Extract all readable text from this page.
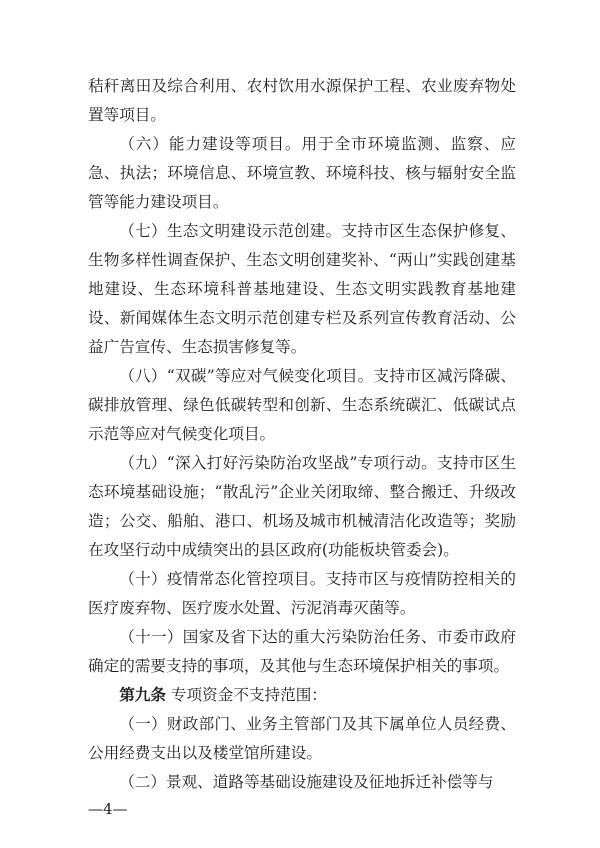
秸秆离田及综合利用、农村饮用水源保护工程、农业废弃物处置等项目。

（六）能力建设等项目。用于全市环境监测、监察、应急、执法；环境信息、环境宣教、环境科技、核与辐射安全监管等能力建设项目。

（七）生态文明建设示范创建。支持市区生态保护修复、生物多样性调查保护、生态文明创建奖补、“两山”实践创建基地建设、生态环境科普基地建设、生态文明实践教育基地建设、新闻媒体生态文明示范创建专栏及系列宣传教育活动、公益广告宣传、生态损害修复等。

（八）“双碳”等应对气候变化项目。支持市区减污降碳、碳排放管理、绿色低碳转型和创新、生态系统碳汇、低碳试点示范等应对气候变化项目。

（九）“深入打好污染防治攻坚战”专项行动。支持市区生态环境基础设施；“散乱污”企业关闭取缔、整合搬迁、升级改造；公交、船舶、港口、机场及城市机械清洁化改造等；奖励在攻坚行动中成绩突出的县区政府(功能板块管委会)。

（十）疫情常态化管控项目。支持市区与疫情防控相关的医疗废弃物、医疗废水处置、污泥消毒灭菌等。

（十一）国家及省下达的重大污染防治任务、市委市政府确定的需要支持的事项，及其他与生态环境保护相关的事项。

第九条 专项资金不支持范围：

（一）财政部门、业务主管部门及其下属单位人员经费、公用经费支出以及楼堂馆所建设。

（二）景观、道路等基础设施建设及征地拆迁补偿等与

—4—
